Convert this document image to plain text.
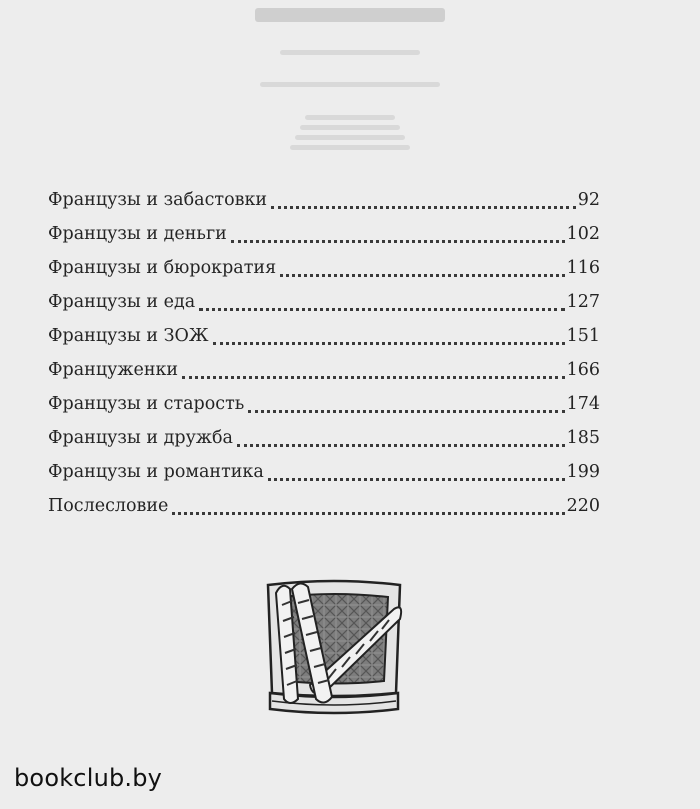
Французы и забастовки	92
Французы и деньги	102
Французы и бюрократия	116
Французы и еда	127
Французы и ЗОЖ	151
Француженки	166
Французы и старость	174
Французы и дружба	185
Французы и романтика	199
Послесловие	220
bookclub.by
